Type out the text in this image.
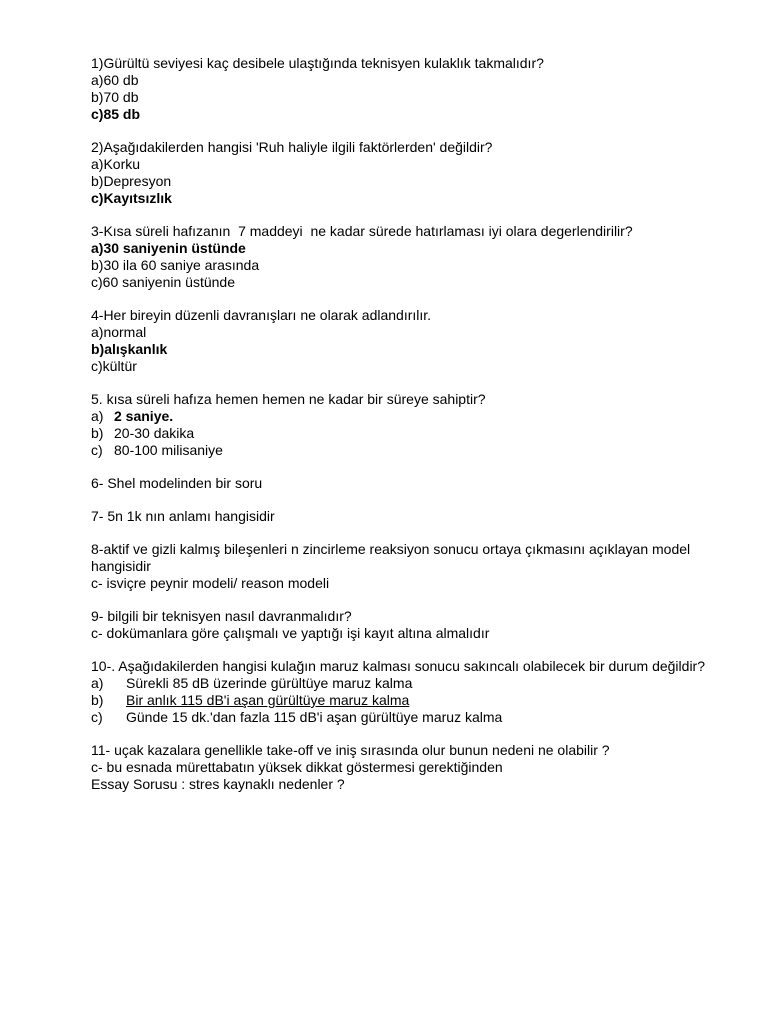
1)Gürültü seviyesi kaç desibele ulaştığında teknisyen kulaklık takmalıdır?
a)60 db
b)70 db
c)85 db
2)Aşağıdakilerden hangisi 'Ruh haliyle ilgili faktörlerden' değildir?
a)Korku
b)Depresyon
c)Kayıtsızlık
3-Kısa süreli hafızanın  7 maddeyi  ne kadar sürede hatırlaması iyi olara degerlendirilir?
a)30 saniyenin üstünde
b)30 ila 60 saniye arasında
c)60 saniyenin üstünde
4-Her bireyin düzenli davranışları ne olarak adlandırılır.
a)normal
b)alışkanlık
c)kültür
5. kısa süreli hafıza hemen hemen ne kadar bir süreye sahiptir?
a) 2 saniye.
b) 20-30 dakika
c) 80-100 milisaniye
6- Shel modelinden bir soru
7- 5n 1k nın anlamı hangisidir
8-aktif ve gizli kalmış bileşenleri n zincirleme reaksiyon sonucu ortaya çıkmasını açıklayan model hangisidir
c- isviçre peynir modeli/ reason modeli
9- bilgili bir teknisyen nasıl davranmalıdır?
c- dokümanlara göre çalışmalı ve yaptığı işi kayıt altına almalıdır
10-. Aşağıdakilerden hangisi kulağın maruz kalması sonucu sakıncalı olabilecek bir durum değildir?
a) Sürekli 85 dB üzerinde gürültüye maruz kalma
b) Bir anlık 115 dB'i aşan gürültüye maruz kalma
c) Günde 15 dk.'dan fazla 115 dB'i aşan gürültüye maruz kalma
11- uçak kazalara genellikle take-off ve iniş sırasında olur bunun nedeni ne olabilir ?
c- bu esnada mürettabatın yüksek dikkat göstermesi gerektiğinden
Essay Sorusu : stres kaynaklı nedenler ?
